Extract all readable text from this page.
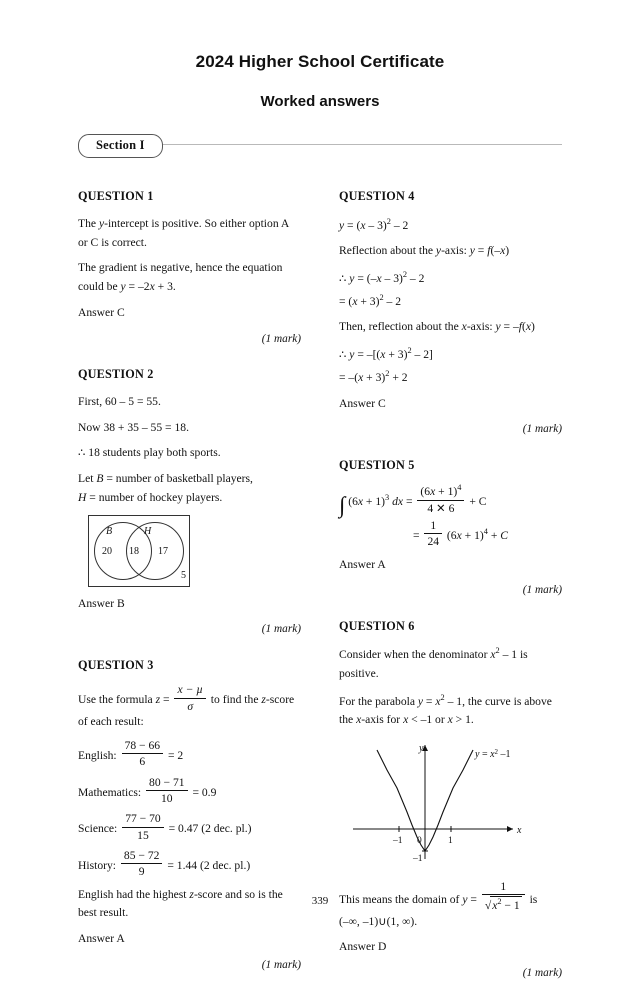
2024 Higher School Certificate
Worked answers
Section I
QUESTION 1

The y-intercept is positive. So either option A or C is correct.

The gradient is negative, hence the equation could be y = –2x + 3.

Answer C

(1 mark)

QUESTION 2

First, 60 – 5 = 55.

Now 38 + 35 – 55 = 18.

∴ 18 students play both sports.

Let B = number of basketball players,

H = number of hockey players.

B	H
20 18 17
5

Answer B

(1 mark)

QUESTION 3

Use the formula $z = \frac{\text{x − µ}}{\sigma}$ to find the z-score of each result:

English: $\frac{78 - 66}{6} = 2$

Mathematics: $\frac{80 - 71}{10} = 0.9$

Science: $\frac{77 - 70}{15} = 0.47$ (2 dec. pl.)

History: $\frac{85 - 72}{9} = 1.44$ (2 dec. pl.)

English had the highest z-score and so is the best result.

Answer A

(1 mark)

QUESTION 4

y = (x – 3)$^2$ – 2

Reflection about the y-axis: y = f(–x)

∴ y = (–x – 3)$^2$ – 2

= $(x + 3)^2 - 2$

Then, reflection about the x-axis: y = –f(x)

∴ $y = -[(x + 3)^2 - 2]$

= $-(x + 3)^2 + 2$

Answer C

(1 mark)

QUESTION 5

∫ $(6x + 1)^3$ dx = $\frac{(6x + 1)^4}{4 ✕ 6} + C$

= $\frac{1}{24} (6x + 1)^4 + C$

Answer A

(1 mark)

QUESTION 6

Consider when the denominator $x^2 - 1$ is positive.

For the parabola $y = x^2 - 1$, the curve is above the x-axis for x < –1 or x > 1.

y
x
–1 0	1
–1
$y = x^2$ –1

This means the domain of $y = \frac{1}{√x^2 - 1}$ is (–∞, –1)∪(1, ∞).

Answer D

(1 mark)

339
